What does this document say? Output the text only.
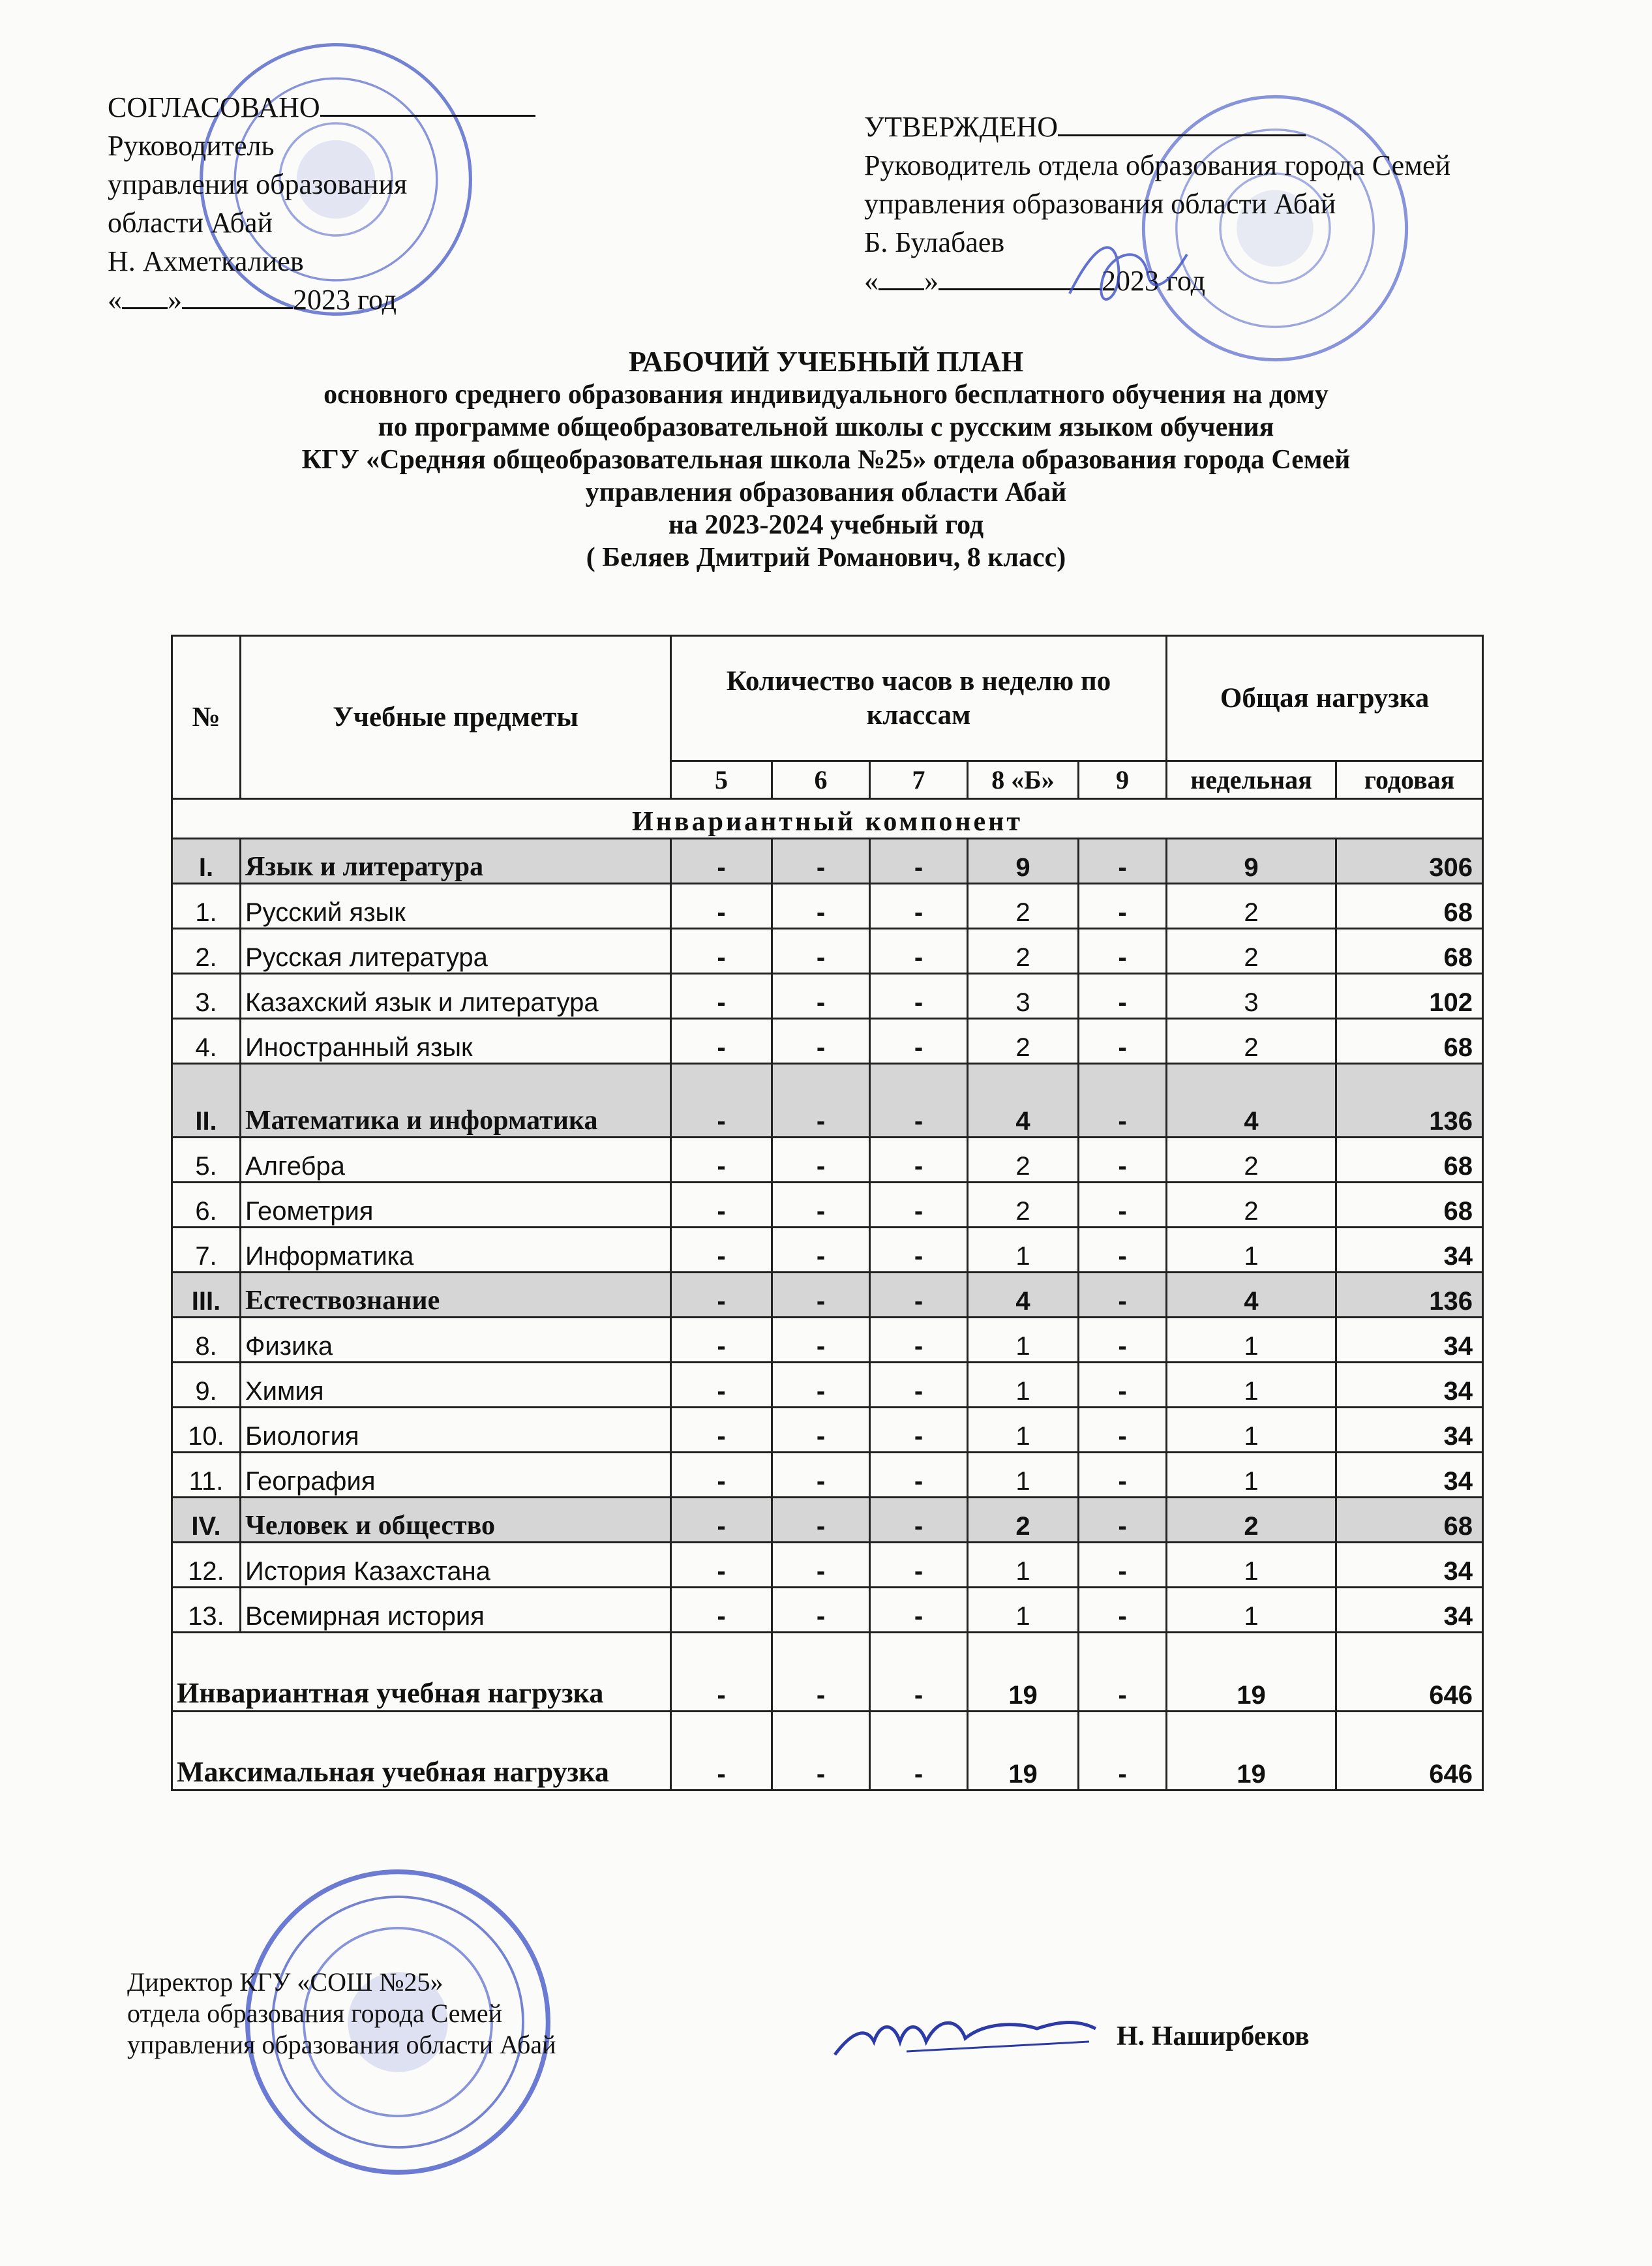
СОГЛАСОВАНО
Руководитель
управления образования
области Абай
Н. Ахметкалиев
« »	2023 год
УТВЕРЖДЕНО
Руководитель отдела образования города Семей
управления образования области Абай
Б. Булабаев
« »	2023 год
РАБОЧИЙ УЧЕБНЫЙ ПЛАН
основного среднего образования индивидуального бесплатного обучения на дому
по программе общеобразовательной школы с русским языком обучения
КГУ «Средняя общеобразовательная школа №25» отдела образования города Семей
управления образования области Абай
на 2023-2024 учебный год
( Беляев Дмитрий Романович, 8 класс)
№	Учебные предметы	Количество часов в неделю по классам					Общая нагрузка	
		5	6	7	8 «Б»	9	недельная	годовая
Инвариантный компонент								
I.	Язык и литература	-	-	-	9	-	9	306
1.	Русский язык	-	-	-	2	-	2	68
2.	Русская литература	-	-	-	2	-	2	68
3.	Казахский язык и литература	-	-	-	3	-	3	102
4.	Иностранный язык	-	-	-	2	-	2	68
II.	Математика и информатика	-	-	-	4	-	4	136
5.	Алгебра	-	-	-	2	-	2	68
6.	Геометрия	-	-	-	2	-	2	68
7.	Информатика	-	-	-	1	-	1	34
III.	Естествознание	-	-	-	4	-	4	136
8.	Физика	-	-	-	1	-	1	34
9.	Химия	-	-	-	1	-	1	34
10.	Биология	-	-	-	1	-	1	34
11.	География	-	-	-	1	-	1	34
IV.	Человек и общество	-	-	-	2	-	2	68
12.	История Казахстана	-	-	-	1	-	1	34
13.	Всемирная история	-	-	-	1	-	1	34
Инвариантная учебная нагрузка		-	-	-	19	-	19	646
Максимальная учебная нагрузка		-	-	-	19	-	19	646
Директор КГУ «СОШ №25»
отдела образования города Семей
управления образования области Абай	Н. Наширбеков
